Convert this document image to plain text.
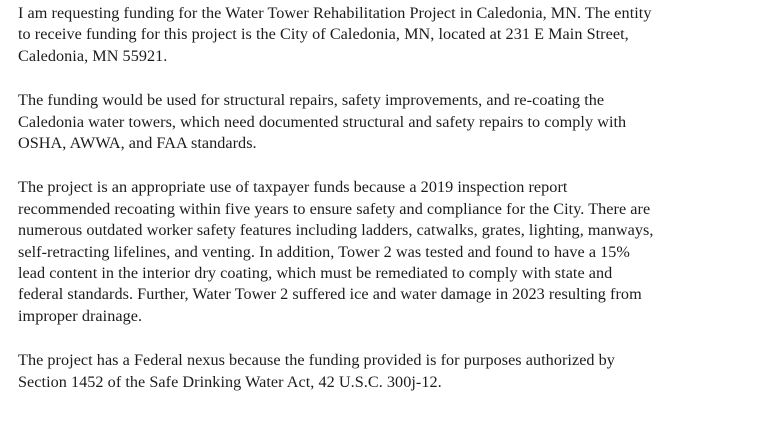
I am requesting funding for the Water Tower Rehabilitation Project in Caledonia, MN. The entity
to receive funding for this project is the City of Caledonia, MN, located at 231 E Main Street,
Caledonia, MN 55921.

The funding would be used for structural repairs, safety improvements, and re-coating the
Caledonia water towers, which need documented structural and safety repairs to comply with
OSHA, AWWA, and FAA standards.

The project is an appropriate use of taxpayer funds because a 2019 inspection report
recommended recoating within five years to ensure safety and compliance for the City. There are
numerous outdated worker safety features including ladders, catwalks, grates, lighting, manways,
self-retracting lifelines, and venting. In addition, Tower 2 was tested and found to have a 15%
lead content in the interior dry coating, which must be remediated to comply with state and
federal standards. Further, Water Tower 2 suffered ice and water damage in 2023 resulting from
improper drainage.

The project has a Federal nexus because the funding provided is for purposes authorized by
Section 1452 of the Safe Drinking Water Act, 42 U.S.C. 300j-12.
